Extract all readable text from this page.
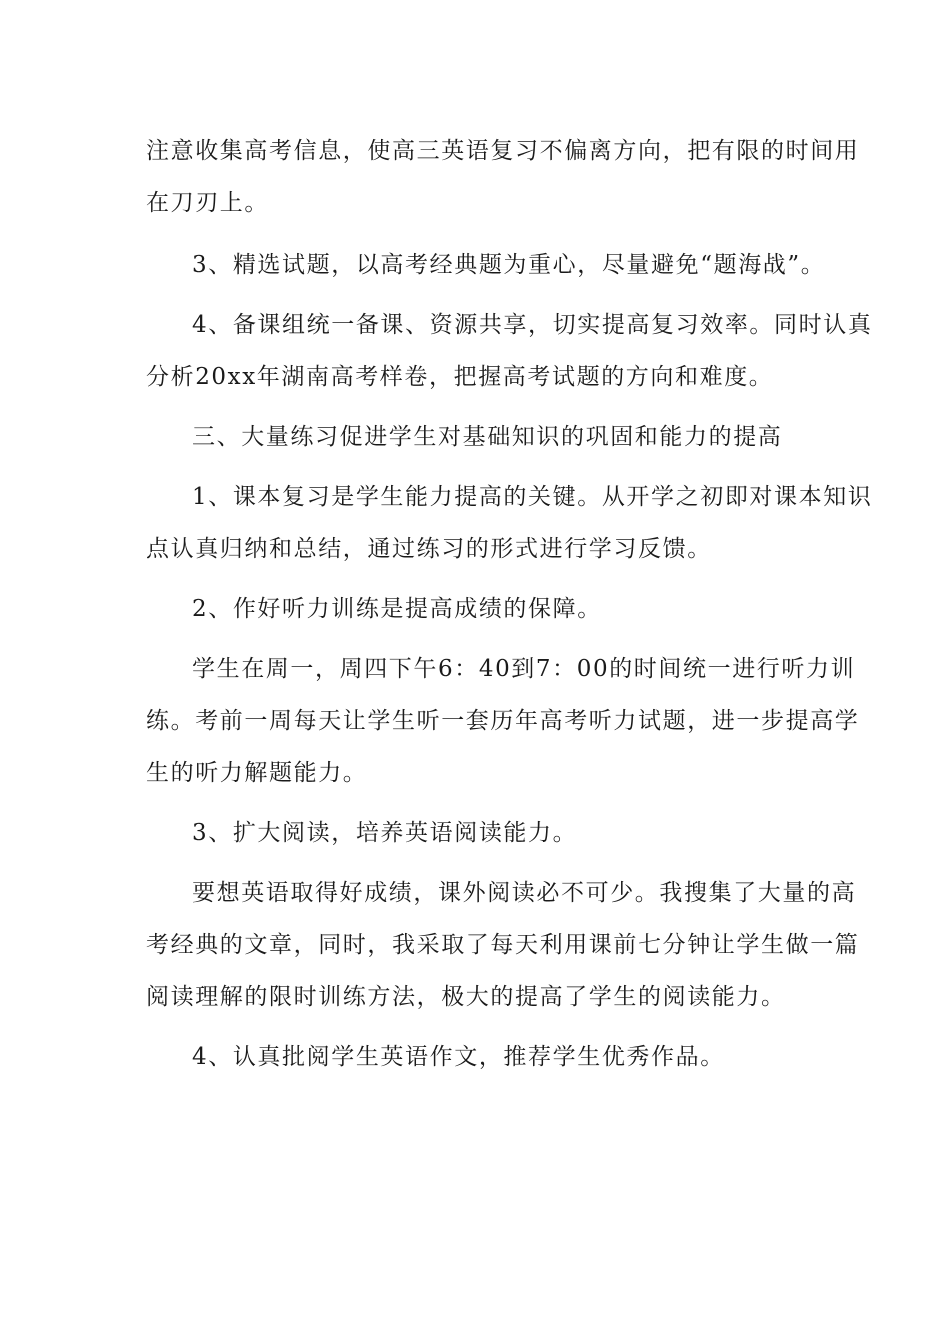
注意收集高考信息，使高三英语复习不偏离方向，把有限的时间用
在刀刃上。
3、精选试题，以高考经典题为重心，尽量避免“题海战”。
4、备课组统一备课、资源共享，切实提高复习效率。同时认真
分析20xx年湖南高考样卷，把握高考试题的方向和难度。
三、大量练习促进学生对基础知识的巩固和能力的提高
1、课本复习是学生能力提高的关键。从开学之初即对课本知识
点认真归纳和总结，通过练习的形式进行学习反馈。
2、作好听力训练是提高成绩的保障。
学生在周一，周四下午6：40到7：00的时间统一进行听力训
练。考前一周每天让学生听一套历年高考听力试题，进一步提高学
生的听力解题能力。
3、扩大阅读，培养英语阅读能力。
要想英语取得好成绩，课外阅读必不可少。我搜集了大量的高
考经典的文章，同时，我采取了每天利用课前七分钟让学生做一篇
阅读理解的限时训练方法，极大的提高了学生的阅读能力。
4、认真批阅学生英语作文，推荐学生优秀作品。
